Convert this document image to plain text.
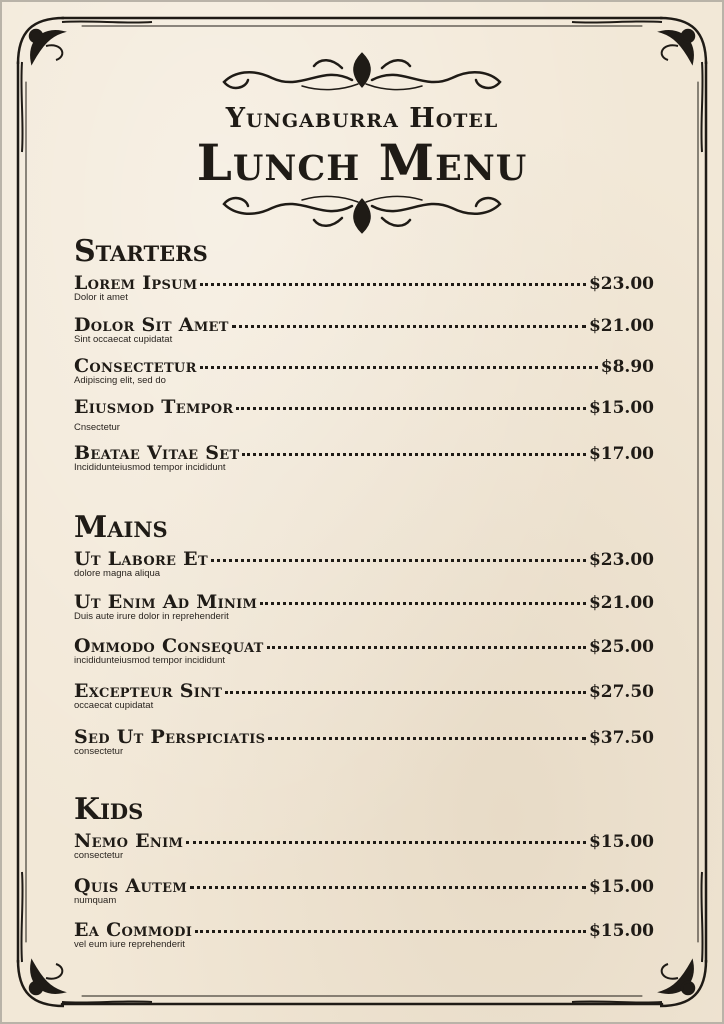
Yungaburra Hotel
Lunch Menu
Starters
Lorem Ipsum	$23.00
Dolor it amet
Dolor Sit Amet	$21.00
Sint occaecat cupidatat
Consectetur	$8.90
Adipiscing elit, sed do
Eiusmod Tempor	$15.00
Cnsectetur
Beatae Vitae Set	$17.00
Incididunteiusmod tempor incididunt
Mains
Ut Labore Et	$23.00
dolore magna aliqua
Ut Enim Ad Minim	$21.00
Duis aute irure dolor in reprehenderit
Ommodo Consequat	$25.00
incididunteiusmod tempor incididunt
Excepteur Sint	$27.50
occaecat cupidatat
Sed Ut Perspiciatis	$37.50
consectetur
Kids
Nemo Enim	$15.00
consectetur
Quis Autem	$15.00
numquam
Ea Commodi	$15.00
vel eum iure reprehenderit
